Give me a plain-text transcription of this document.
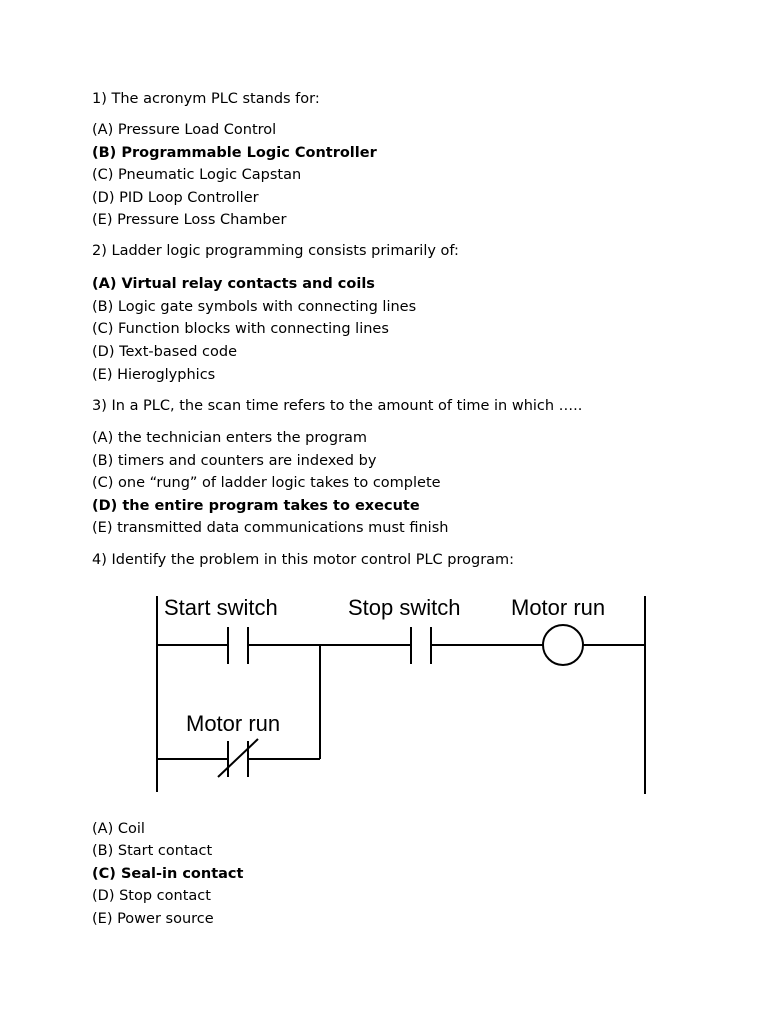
1) The acronym PLC stands for:
(A) Pressure Load Control
(B) Programmable Logic Controller
(C) Pneumatic Logic Capstan
(D) PID Loop Controller
(E) Pressure Loss Chamber
2) Ladder logic programming consists primarily of:
(A) Virtual relay contacts and coils
(B) Logic gate symbols with connecting lines
(C) Function blocks with connecting lines
(D) Text-based code
(E) Hieroglyphics
3) In a PLC, the scan time refers to the amount of time in which …..
(A) the technician enters the program
(B) timers and counters are indexed by
(C) one “rung” of ladder logic takes to complete
(D) the entire program takes to execute
(E) transmitted data communications must finish
4) Identify the problem in this motor control PLC program:
Start switch	Stop switch Motor run
Motor run
(A) Coil
(B) Start contact
(C) Seal-in contact
(D) Stop contact
(E) Power source
